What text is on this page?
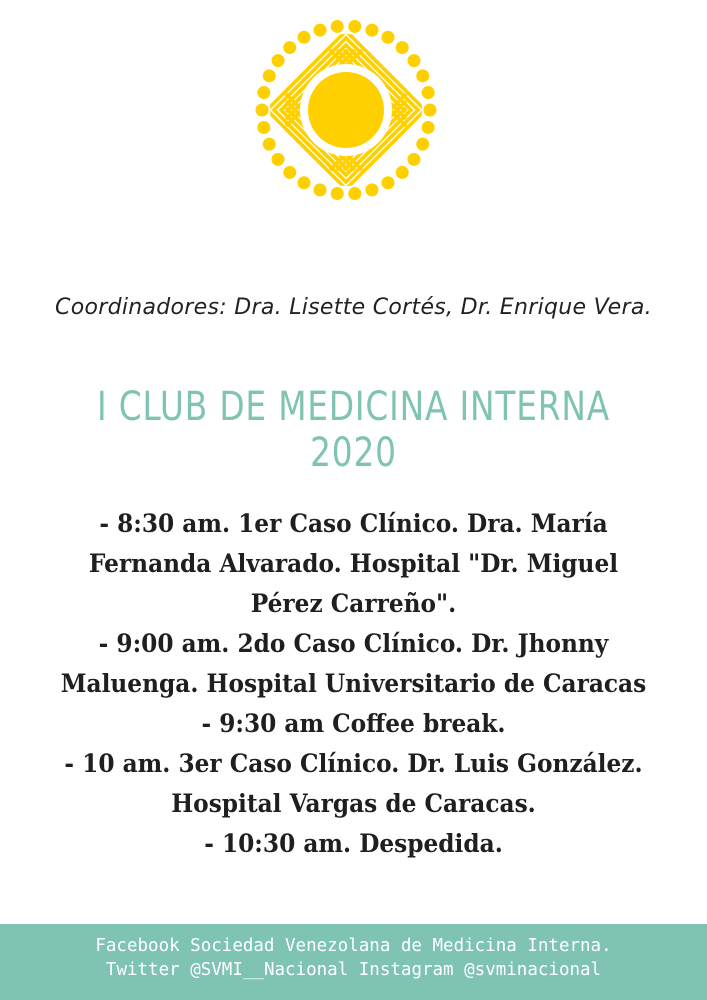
Coordinadores: Dra. Lisette Cortés, Dr. Enrique Vera.
I CLUB DE MEDICINA INTERNA 2020
- 8:30 am. 1er Caso Clínico. Dra. María
Fernanda Alvarado. Hospital "Dr. Miguel
Pérez Carreño".
- 9:00 am. 2do Caso Clínico. Dr. Jhonny
Maluenga. Hospital Universitario de Caracas
- 9:30 am Coffee break.
- 10 am. 3er Caso Clínico. Dr. Luis González.
Hospital Vargas de Caracas.
- 10:30 am. Despedida.
Facebook Sociedad Venezolana de Medicina Interna.
Twitter @SVMI__Nacional Instagram @svminacional
